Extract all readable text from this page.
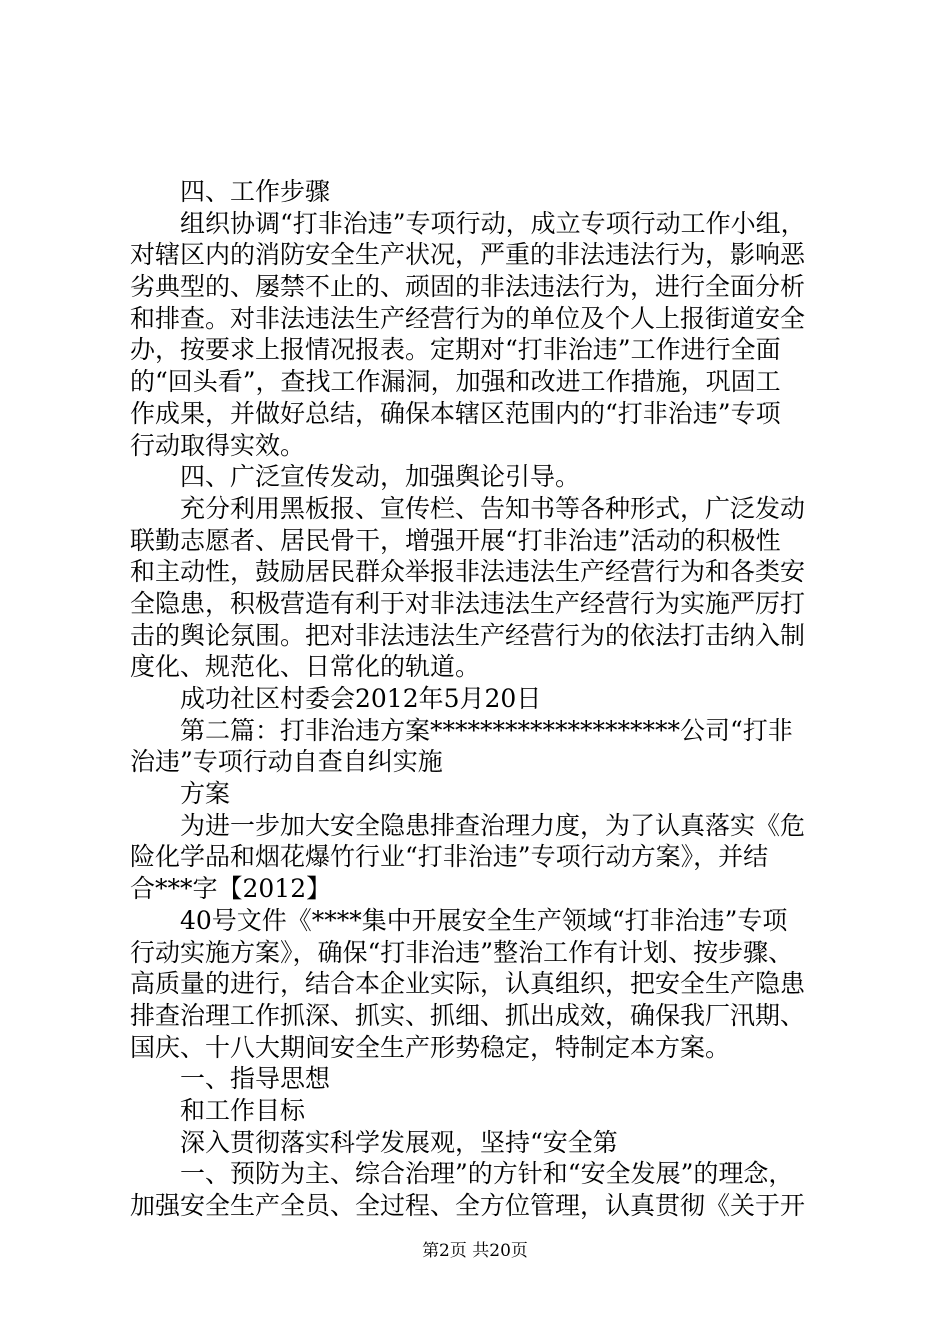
四、工作步骤
组织协调“打非治违”专项行动，成立专项行动工作小组，
对辖区内的消防安全生产状况，严重的非法违法行为，影响恶
劣典型的、屡禁不止的、顽固的非法违法行为，进行全面分析
和排查。对非法违法生产经营行为的单位及个人上报街道安全
办，按要求上报情况报表。定期对“打非治违”工作进行全面
的“回头看”，查找工作漏洞，加强和改进工作措施，巩固工
作成果，并做好总结，确保本辖区范围内的“打非治违”专项
行动取得实效。
四、广泛宣传发动，加强舆论引导。
充分利用黑板报、宣传栏、告知书等各种形式，广泛发动
联勤志愿者、居民骨干，增强开展“打非治违”活动的积极性
和主动性，鼓励居民群众举报非法违法生产经营行为和各类安
全隐患，积极营造有利于对非法违法生产经营行为实施严厉打
击的舆论氛围。把对非法违法生产经营行为的依法打击纳入制
度化、规范化、日常化的轨道。
成功社区村委会2012年5月20日
第二篇：打非治违方案********************公司“打非
治违”专项行动自查自纠实施
方案
为进一步加大安全隐患排查治理力度，为了认真落实《危
险化学品和烟花爆竹行业“打非治违”专项行动方案》，并结
合***字【2012】
40号文件《****集中开展安全生产领域“打非治违”专项
行动实施方案》，确保“打非治违”整治工作有计划、按步骤、
高质量的进行，结合本企业实际，认真组织，把安全生产隐患
排查治理工作抓深、抓实、抓细、抓出成效，确保我厂汛期、
国庆、十八大期间安全生产形势稳定，特制定本方案。
一、指导思想
和工作目标
深入贯彻落实科学发展观，坚持“安全第
一、预防为主、综合治理”的方针和“安全发展”的理念，
加强安全生产全员、全过程、全方位管理，认真贯彻《关于开
第2页 共20页
